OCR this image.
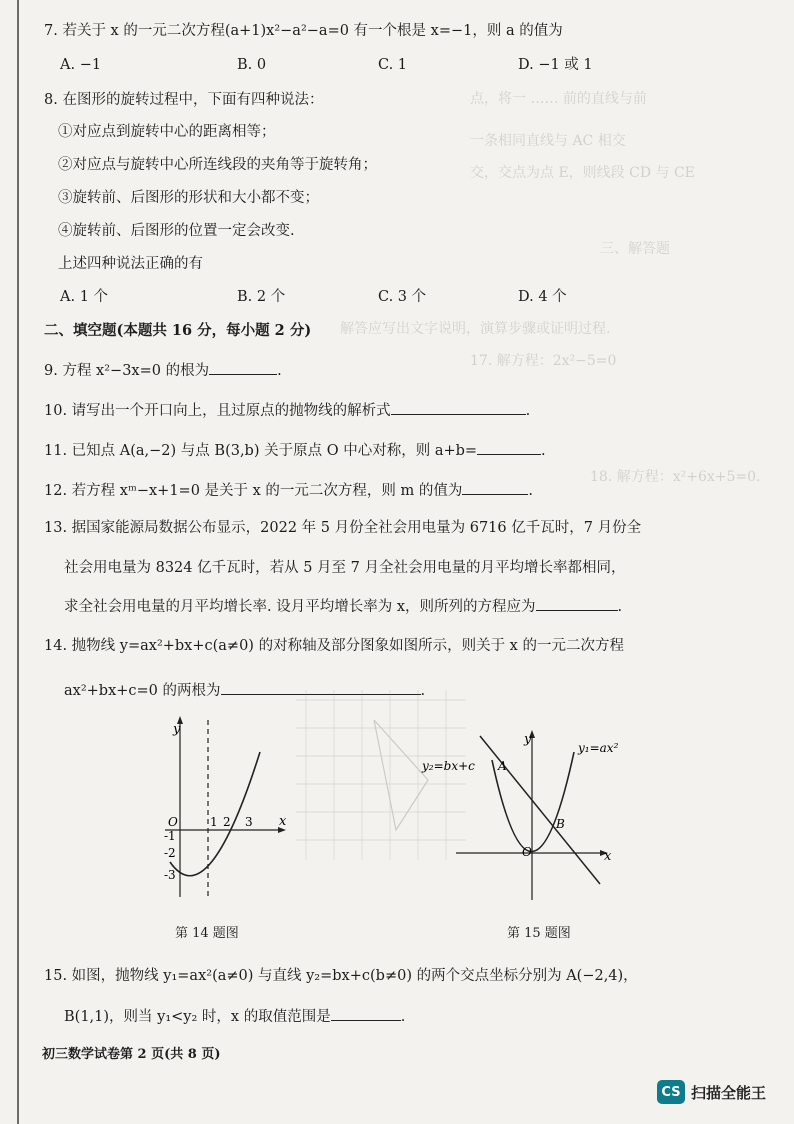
点，将一 …… 前的直线与前
一条相同直线与 AC 相交
交，交点为点 E，则线段 CD 与 CE
三、解答题
解答应写出文字说明，演算步骤或证明过程.
17. 解方程：2x²−5=0
18. 解方程：x²+6x+5=0.
7. 若关于 x 的一元二次方程(a+1)x²−a²−a=0 有一个根是 x=−1，则 a 的值为
A. −1	B. 0	C. 1	D. −1 或 1
8. 在图形的旋转过程中，下面有四种说法：
①对应点到旋转中心的距离相等；
②对应点与旋转中心所连线段的夹角等于旋转角；
③旋转前、后图形的形状和大小都不变；
④旋转前、后图形的位置一定会改变.
上述四种说法正确的有
A. 1 个	B. 2 个	C. 3 个	D. 4 个
二、填空题(本题共 16 分，每小题 2 分)
9. 方程 x²−3x=0 的根为	.
10. 请写出一个开口向上，且过原点的抛物线的解析式	.
11. 已知点 A(a,−2) 与点 B(3,b) 关于原点 O 中心对称，则 a+b=	.
12. 若方程 xᵐ−x+1=0 是关于 x 的一元二次方程，则 m 的值为	.
13. 据国家能源局数据公布显示，2022 年 5 月份全社会用电量为 6716 亿千瓦时，7 月份全
社会用电量为 8324 亿千瓦时，若从 5 月至 7 月全社会用电量的月平均增长率都相同，
求全社会用电量的月平均增长率. 设月平均增长率为 x，则所列的方程应为	.
14. 抛物线 y=ax²+bx+c(a≠0) 的对称轴及部分图象如图所示，则关于 x 的一元二次方程
ax²+bx+c=0 的两根为	.
y
x
O	1 2 3
-1
-2
-3
第 14 题图
y
x
O
A
B
y₂=bx+c
y₁=ax²
第 15 题图
15. 如图，抛物线 y₁=ax²(a≠0) 与直线 y₂=bx+c(b≠0) 的两个交点坐标分别为 A(−2,4)，
B(1,1)，则当 y₁<y₂ 时，x 的取值范围是	.
初三数学试卷第 2 页(共 8 页)
CS 扫描全能王
